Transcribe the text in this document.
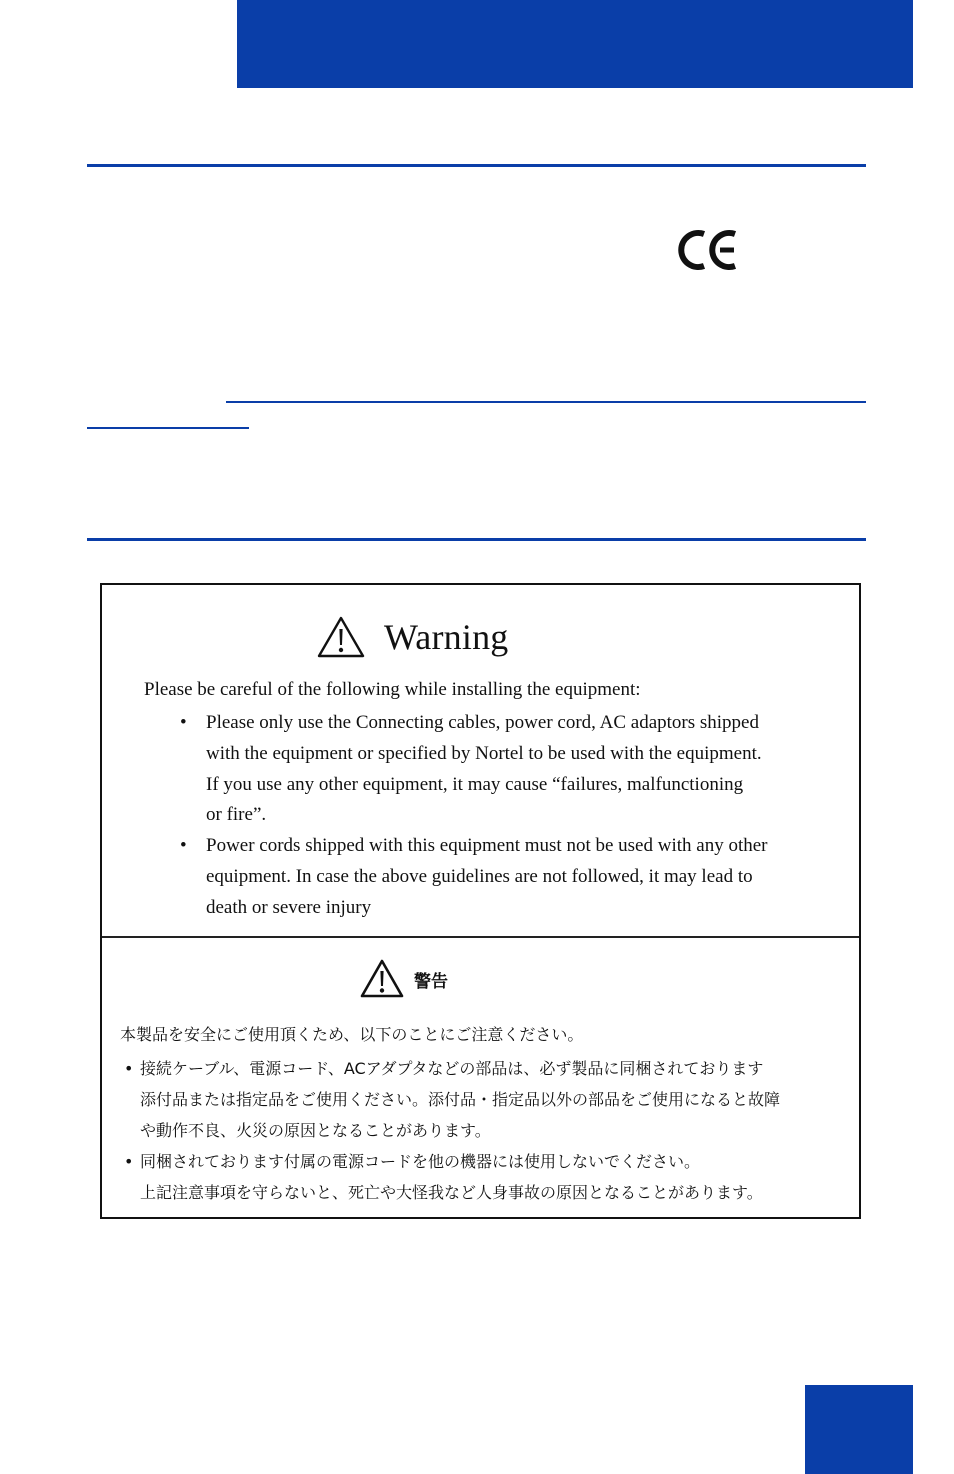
Warning
Please be careful of the following while installing the equipment:
• Please only use the Connecting cables, power cord, AC adaptors shipped
with the equipment or specified by Nortel to be used with the equipment.
If you use any other equipment, it may cause “failures, malfunctioning
or fire”.
• Power cords shipped with this equipment must not be used with any other
equipment. In case the above guidelines are not followed, it may lead to
death or severe injury
警告
本製品を安全にご使用頂くため、以下のことにご注意ください。
• 接続ケーブル、電源コード、ACアダプタなどの部品は、必ず製品に同梱されております
添付品または指定品をご使用ください。添付品・指定品以外の部品をご使用になると故障
や動作不良、火災の原因となることがあります。
• 同梱されております付属の電源コードを他の機器には使用しないでください。
上記注意事項を守らないと、死亡や大怪我など人身事故の原因となることがあります。
